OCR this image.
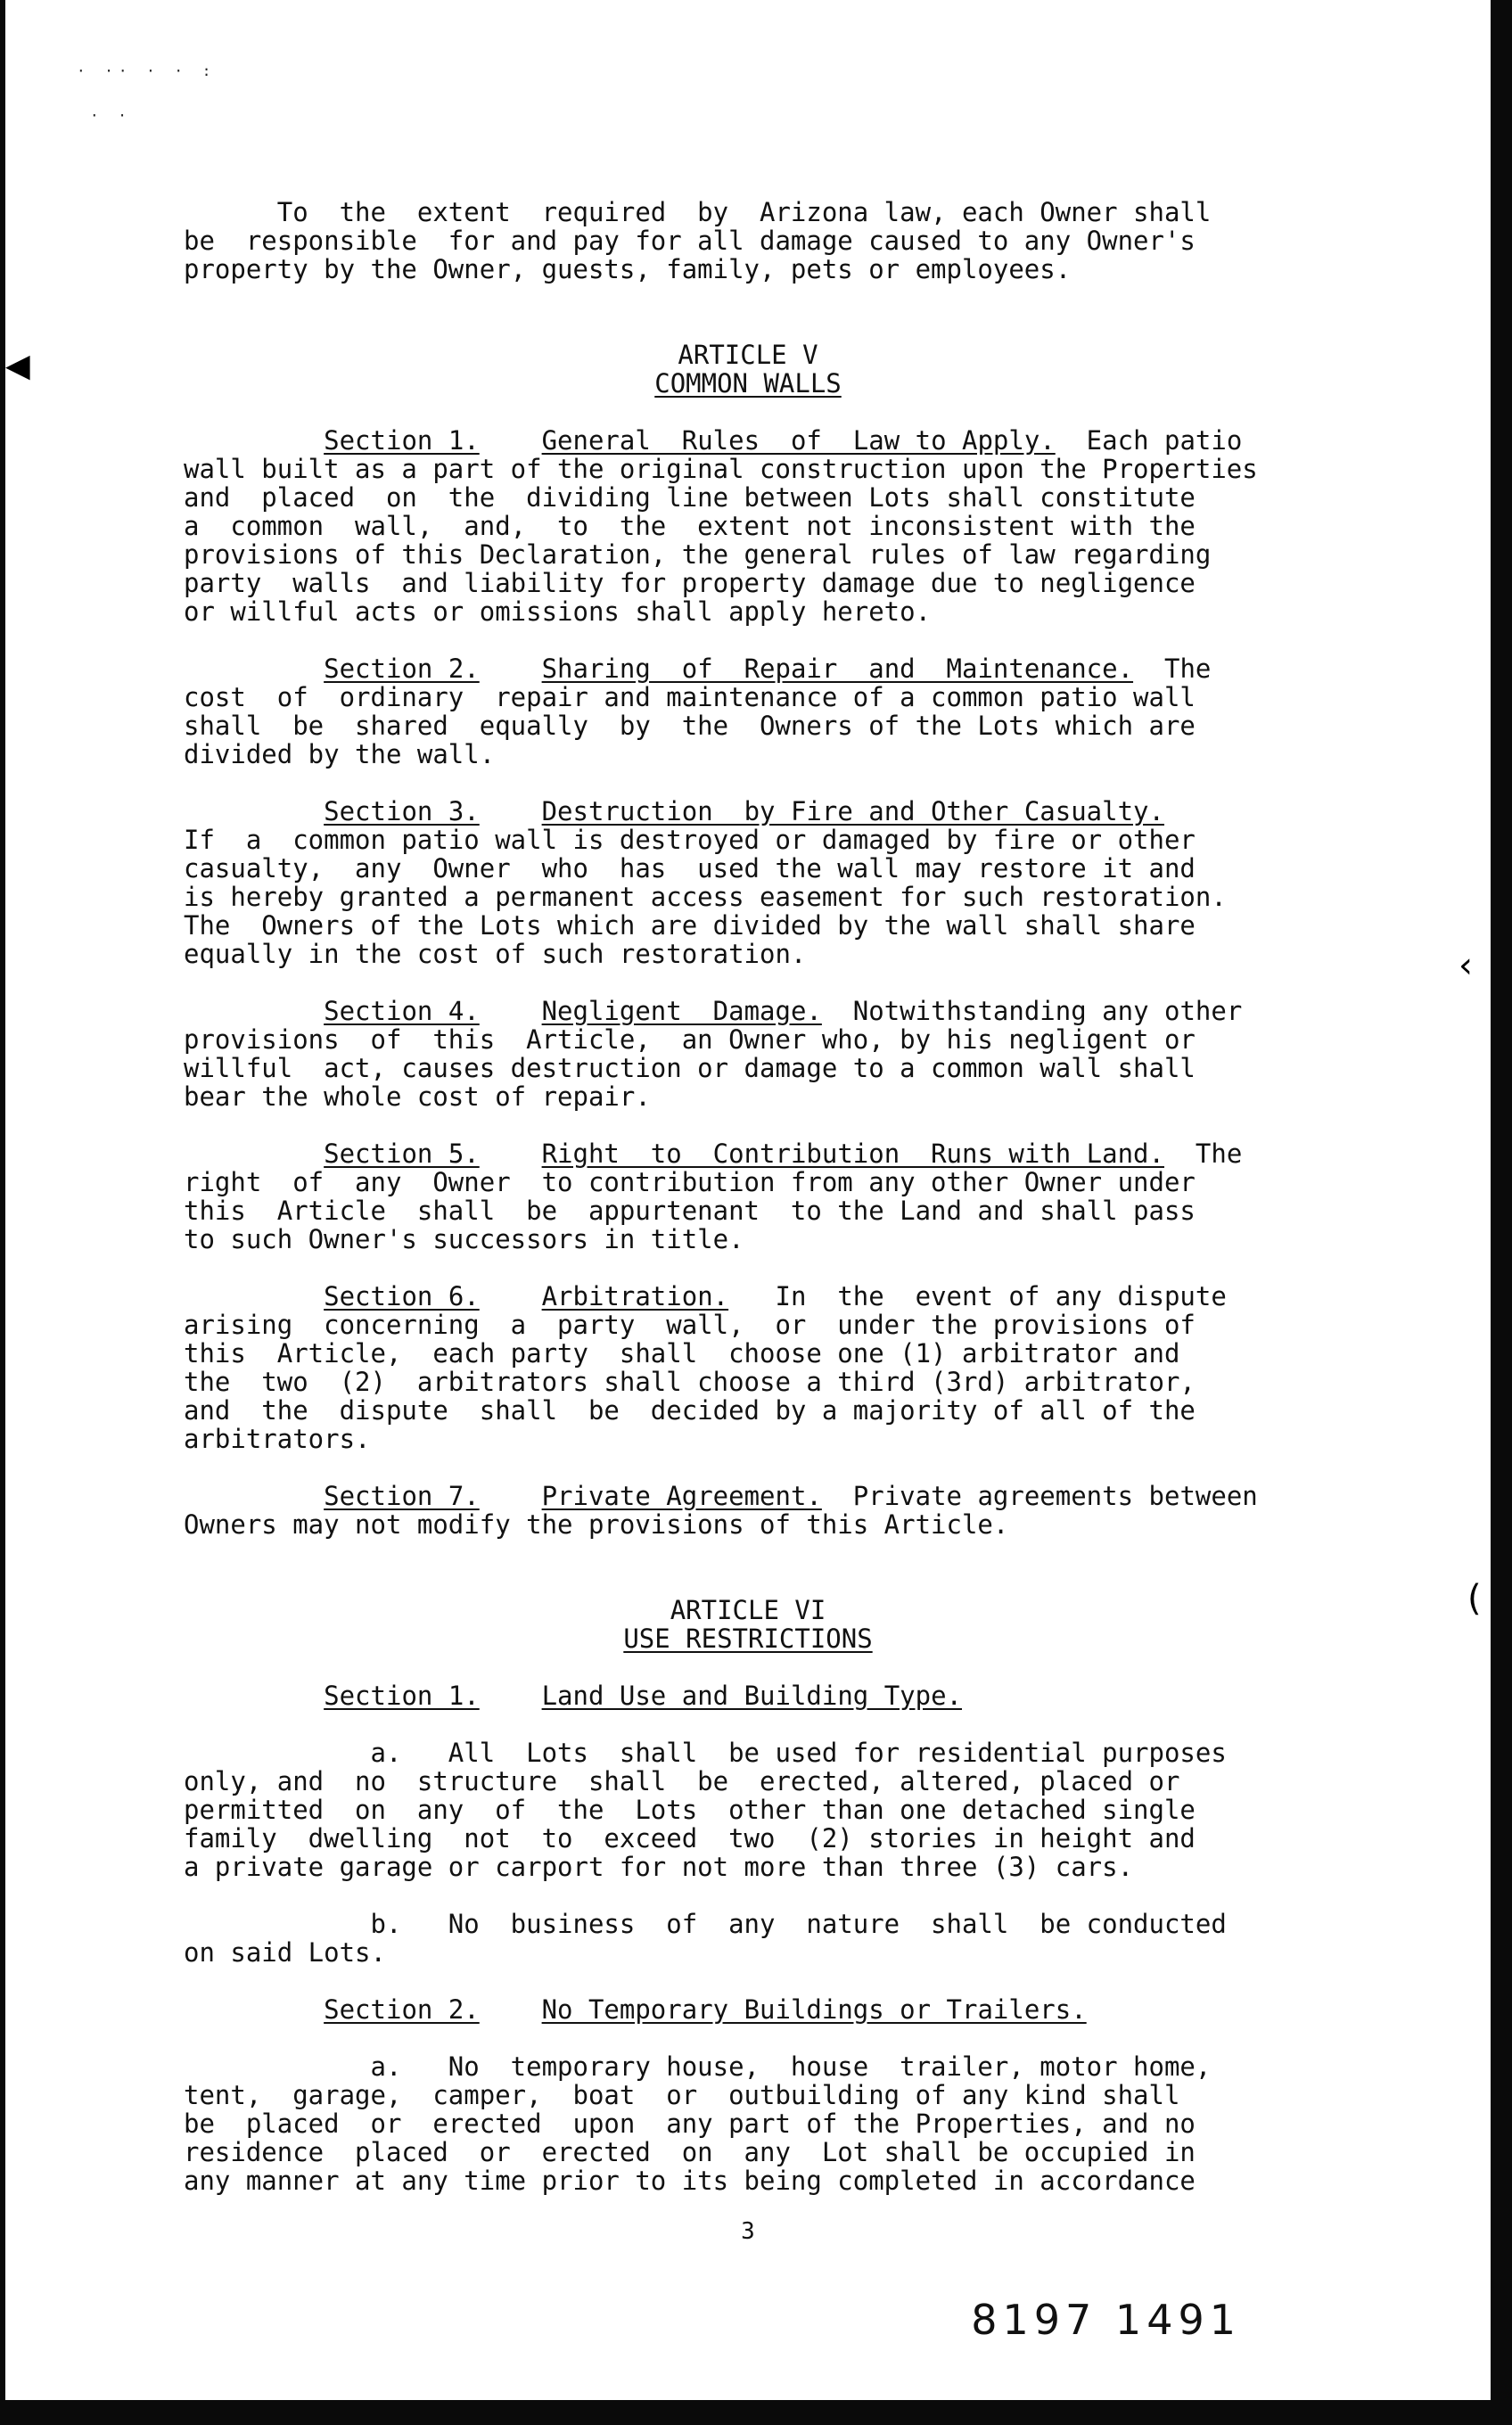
· ·· · · :
· ·
To  the  extent  required  by  Arizona law, each Owner shall
be  responsible  for and pay for all damage caused to any Owner's
property by the Owner, guests, family, pets or employees.
ARTICLE V
COMMON WALLS
Section 1. General  Rules  of  Law to Apply.  Each patio
wall built as a part of the original construction upon the Properties
and  placed  on  the  dividing line between Lots shall constitute
a  common  wall,  and,  to  the  extent not inconsistent with the
provisions of this Declaration, the general rules of law regarding
party  walls  and liability for property damage due to negligence
or willful acts or omissions shall apply hereto.
Section 2. Sharing  of  Repair  and  Maintenance.  The
cost  of  ordinary  repair and maintenance of a common patio wall
shall  be  shared  equally  by  the  Owners of the Lots which are
divided by the wall.
Section 3. Destruction  by Fire and Other Casualty.
If  a  common patio wall is destroyed or damaged by fire or other
casualty,  any  Owner  who  has  used the wall may restore it and
is hereby granted a permanent access easement for such restoration.
The  Owners of the Lots which are divided by the wall shall share
equally in the cost of such restoration.
Section 4. Negligent  Damage.  Notwithstanding any other
provisions  of  this  Article,  an Owner who, by his negligent or
willful  act, causes destruction or damage to a common wall shall
bear the whole cost of repair.
Section 5. Right  to  Contribution  Runs with Land.  The
right  of  any  Owner  to contribution from any other Owner under
this  Article  shall  be  appurtenant  to the Land and shall pass
to such Owner's successors in title.
Section 6. Arbitration.   In  the  event of any dispute
arising  concerning  a  party  wall,  or  under the provisions of
this  Article,  each party  shall  choose one (1) arbitrator and
the  two  (2)  arbitrators shall choose a third (3rd) arbitrator,
and  the  dispute  shall  be  decided by a majority of all of the
arbitrators.
Section 7. Private Agreement.  Private agreements between
Owners may not modify the provisions of this Article.
ARTICLE VI
USE RESTRICTIONS
Section 1. Land Use and Building Type.
a.   All  Lots  shall  be used for residential purposes
only, and  no  structure  shall  be  erected, altered, placed or
permitted  on  any  of  the  Lots  other than one detached single
family  dwelling  not  to  exceed  two  (2) stories in height and
a private garage or carport for not more than three (3) cars.
b.   No  business  of  any  nature  shall  be conducted
on said Lots.
Section 2. No Temporary Buildings or Trailers.
a.   No  temporary house,  house  trailer, motor home,
tent,  garage,  camper,  boat  or  outbuilding of any kind shall
be  placed  or  erected  upon  any part of the Properties, and no
residence  placed  or  erected  on  any  Lot shall be occupied in
any manner at any time prior to its being completed in accordance
3
8197 1491
◀
‹
(
